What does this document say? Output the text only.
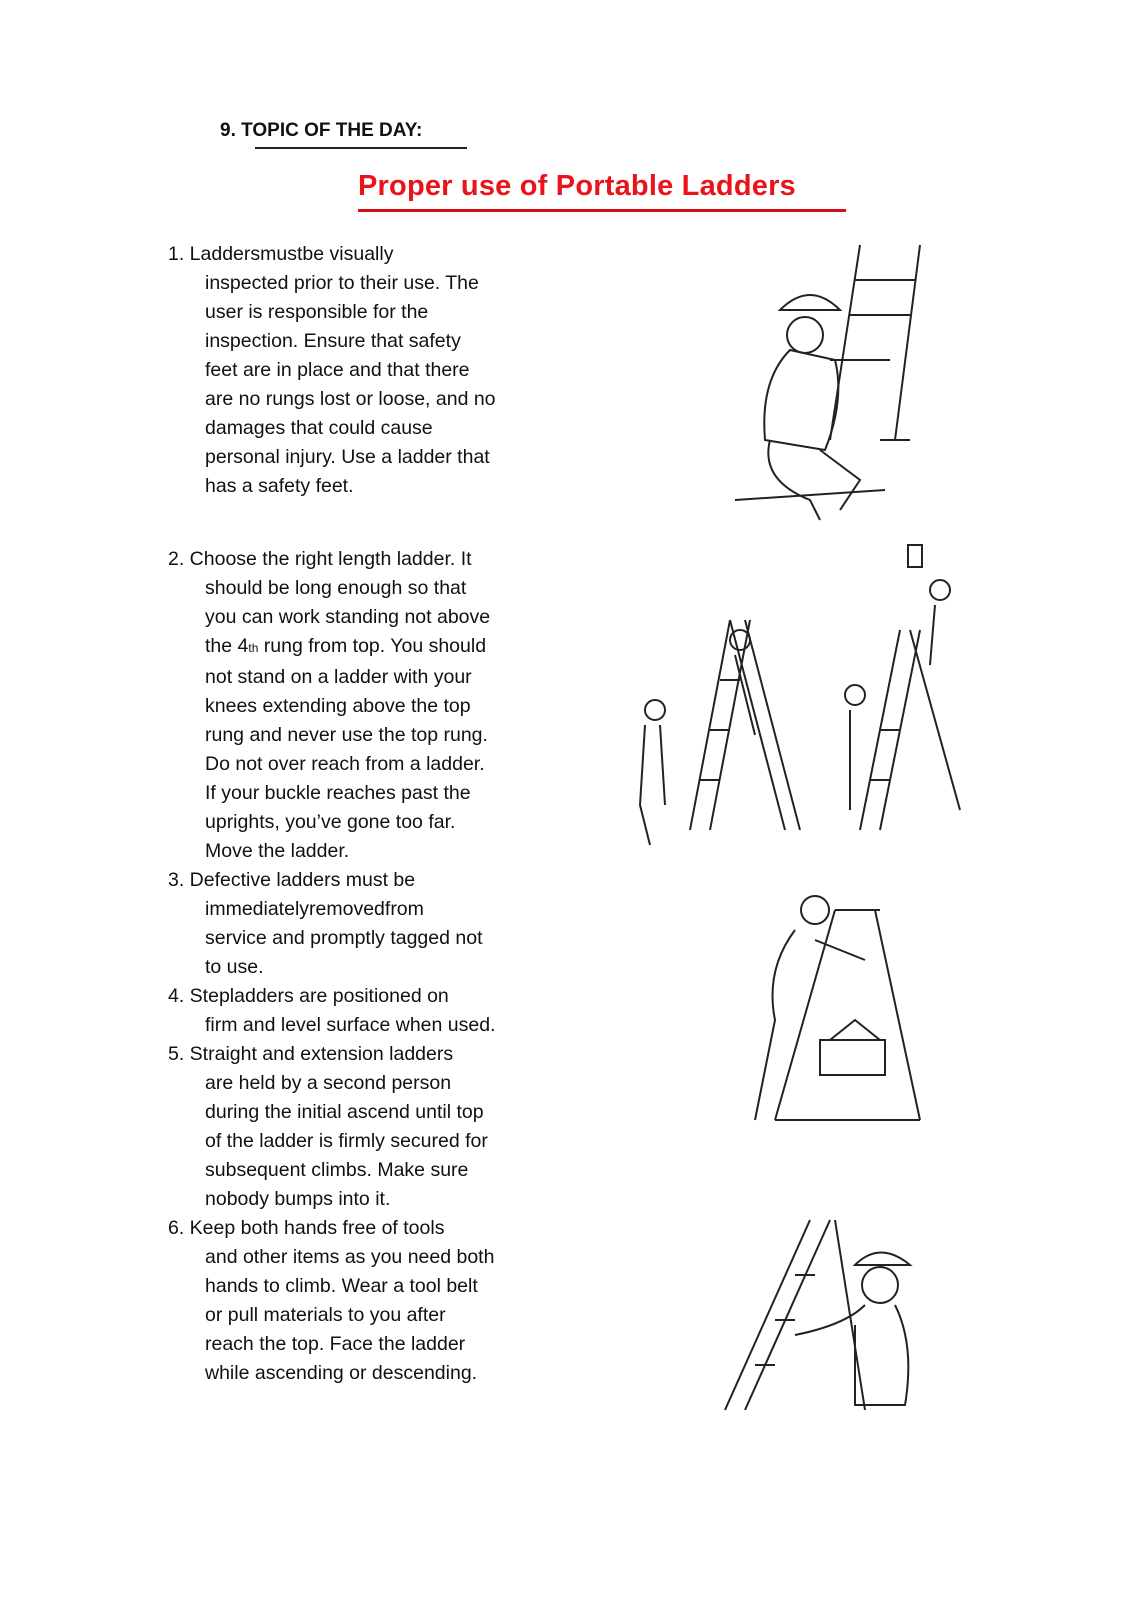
9. TOPIC OF THE DAY:
Proper use of Portable Ladders
1. Laddersmustbe visually
inspected prior to their use. The
user is responsible for the
inspection. Ensure that safety
feet are in place and that there
are no rungs lost or loose, and no
damages that could cause
personal injury. Use a ladder that
has a safety feet.
2. Choose the right length ladder. It
should be long enough so that
you can work standing not above
the 4th rung from top. You should
not stand on a ladder with your
knees extending above the top
rung and never use the top rung.
Do not over reach from a ladder.
If your buckle reaches past the
uprights, you’ve gone too far.
Move the ladder.
3. Defective ladders must be
immediatelyremovedfrom
service and promptly tagged not
to use.
4. Stepladders are positioned on
firm and level surface when used.
5. Straight and extension ladders
are held by a second person
during the initial ascend until top
of the ladder is firmly secured for
subsequent climbs. Make sure
nobody bumps into it.
6. Keep both hands free of tools
and other items as you need both
hands to climb. Wear a tool belt
or pull materials to you after
reach the top. Face the ladder
while ascending or descending.
